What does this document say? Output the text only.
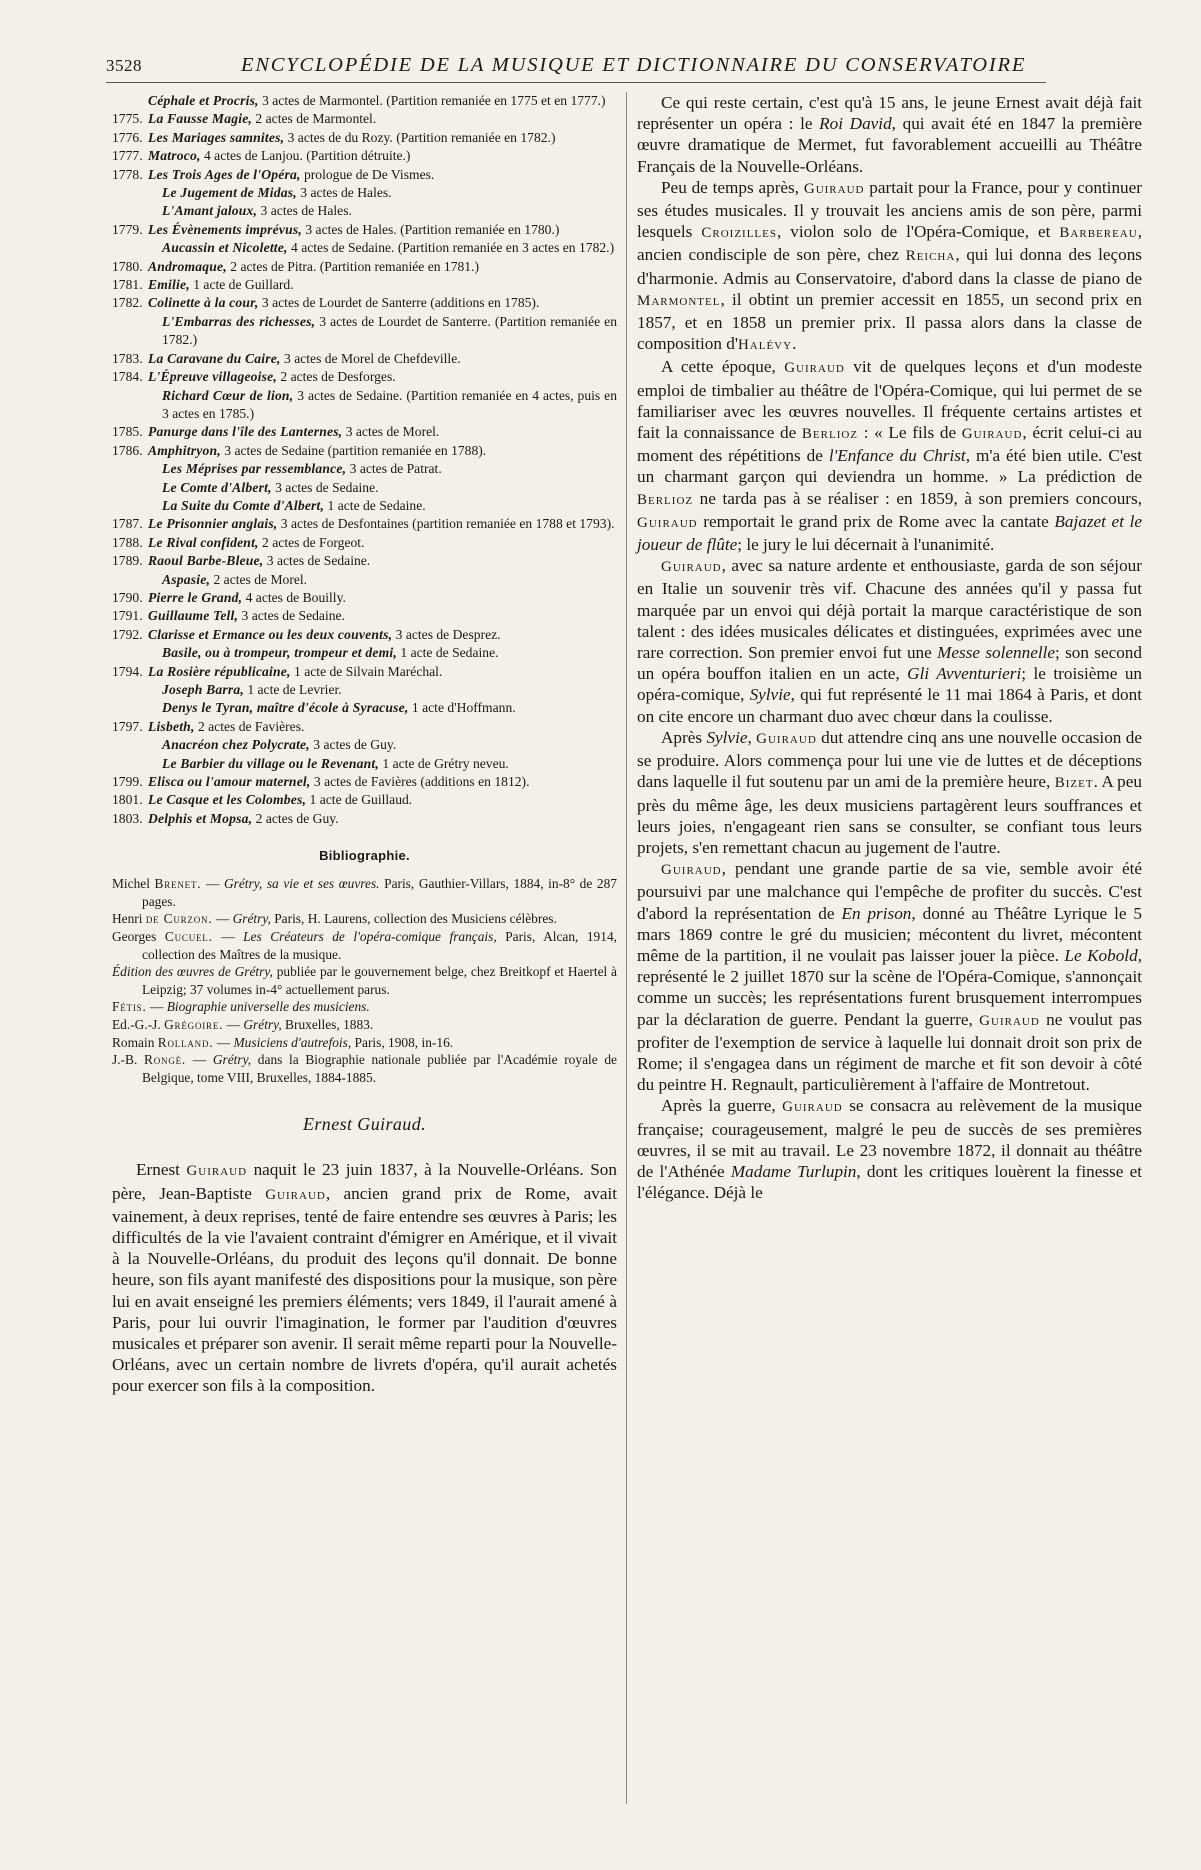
3528	ENCYCLOPÉDIE DE LA MUSIQUE ET DICTIONNAIRE DU CONSERVATOIRE
Céphale et Procris, 3 actes de Marmontel. (Partition remaniée en 1775 et en 1777.)
1775. La Fausse Magie, 2 actes de Marmontel.
1776. Les Mariages samnites, 3 actes de du Rozy. (Partition remaniée en 1782.)
1777. Matroco, 4 actes de Lanjou. (Partition détruite.)
1778. Les Trois Ages de l'Opéra, prologue de De Vismes.
Le Jugement de Midas, 3 actes de Hales.
L'Amant jaloux, 3 actes de Hales.
1779. Les Évènements imprévus, 3 actes de Hales. (Partition remaniée en 1780.)
Aucassin et Nicolette, 4 actes de Sedaine. (Partition remaniée en 3 actes en 1782.)
1780. Andromaque, 2 actes de Pitra. (Partition remaniée en 1781.)
1781. Emilie, 1 acte de Guillard.
1782. Colinette à la cour, 3 actes de Lourdet de Santerre (additions en 1785).
L'Embarras des richesses, 3 actes de Lourdet de Santerre. (Partition remaniée en 1782.)
1783. La Caravane du Caire, 3 actes de Morel de Chefdeville.
1784. L'Épreuve villageoise, 2 actes de Desforges.
Richard Cœur de lion, 3 actes de Sedaine. (Partition remaniée en 4 actes, puis en 3 actes en 1785.)
1785. Panurge dans l'île des Lanternes, 3 actes de Morel.
1786. Amphitryon, 3 actes de Sedaine (partition remaniée en 1788).
Les Méprises par ressemblance, 3 actes de Patrat.
Le Comte d'Albert, 3 actes de Sedaine.
La Suite du Comte d'Albert, 1 acte de Sedaine.
1787. Le Prisonnier anglais, 3 actes de Desfontaines (partition remaniée en 1788 et 1793).
1788. Le Rival confident, 2 actes de Forgeot.
1789. Raoul Barbe-Bleue, 3 actes de Sedaine.
Aspasie, 2 actes de Morel.
1790. Pierre le Grand, 4 actes de Bouilly.
1791. Guillaume Tell, 3 actes de Sedaine.
1792. Clarisse et Ermance ou les deux couvents, 3 actes de Desprez.
Basile, ou à trompeur, trompeur et demi, 1 acte de Sedaine.
1794. La Rosière républicaine, 1 acte de Silvain Maréchal.
Joseph Barra, 1 acte de Levrier.
Denys le Tyran, maître d'école à Syracuse, 1 acte d'Hoffmann.
1797. Lisbeth, 2 actes de Favières.
Anacréon chez Polycrate, 3 actes de Guy.
Le Barbier du village ou le Revenant, 1 acte de Grétry neveu.
1799. Elisca ou l'amour maternel, 3 actes de Favières (additions en 1812).
1801. Le Casque et les Colombes, 1 acte de Guillaud.
1803. Delphis et Mopsa, 2 actes de Guy.
Bibliographie.
Michel Brenet. — Grétry, sa vie et ses œuvres. Paris, Gauthier-Villars, 1884, in-8° de 287 pages.
Henri de Curzon. — Grétry, Paris, H. Laurens, collection des Musiciens célèbres.
Georges Cucuel. — Les Créateurs de l'opéra-comique français, Paris, Alcan, 1914, collection des Maîtres de la musique.
Édition des œuvres de Grétry, publiée par le gouvernement belge, chez Breitkopf et Haertel à Leipzig; 37 volumes in-4° actuellement parus.
Fétis. — Biographie universelle des musiciens.
Ed.-G.-J. Grégoire. — Grétry, Bruxelles, 1883.
Romain Rolland. — Musiciens d'autrefois, Paris, 1908, in-16.
J.-B. Rongé. — Grétry, dans la Biographie nationale publiée par l'Académie royale de Belgique, tome VIII, Bruxelles, 1884-1885.
Ernest Guiraud.

Ernest Guiraud naquit le 23 juin 1837, à la Nouvelle-Orléans. Son père, Jean-Baptiste Guiraud, ancien grand prix de Rome, avait vainement, à deux reprises, tenté de faire entendre ses œuvres à Paris; les difficultés de la vie l'avaient contraint d'émigrer en Amérique, et il vivait à la Nouvelle-Orléans, du produit des leçons qu'il donnait. De bonne heure, son fils ayant manifesté des dispositions pour la musique, son père lui en avait enseigné les premiers éléments; vers 1849, il l'aurait amené à Paris, pour lui ouvrir l'imagination, le former par l'audition d'œuvres musicales et préparer son avenir. Il serait même reparti pour la Nouvelle-Orléans, avec un certain nombre de livrets d'opéra, qu'il aurait achetés pour exercer son fils à la composition.

Ce qui reste certain, c'est qu'à 15 ans, le jeune Ernest avait déjà fait représenter un opéra : le Roi David, qui avait été en 1847 la première œuvre dramatique de Mermet, fut favorablement accueilli au Théâtre Français de la Nouvelle-Orléans.

Peu de temps après, Guiraud partait pour la France, pour y continuer ses études musicales. Il y trouvait les anciens amis de son père, parmi lesquels Croizilles, violon solo de l'Opéra-Comique, et Barbereau, ancien condisciple de son père, chez Reicha, qui lui donna des leçons d'harmonie. Admis au Conservatoire, d'abord dans la classe de piano de Marmontel, il obtint un premier accessit en 1855, un second prix en 1857, et en 1858 un premier prix. Il passa alors dans la classe de composition d'Halévy.

A cette époque, Guiraud vit de quelques leçons et d'un modeste emploi de timbalier au théâtre de l'Opéra-Comique, qui lui permet de se familiariser avec les œuvres nouvelles. Il fréquente certains artistes et fait la connaissance de Berlioz : « Le fils de Guiraud, écrit celui-ci au moment des répétitions de l'Enfance du Christ, m'a été bien utile. C'est un charmant garçon qui deviendra un homme. » La prédiction de Berlioz ne tarda pas à se réaliser : en 1859, à son premiers concours, Guiraud remportait le grand prix de Rome avec la cantate Bajazet et le joueur de flûte; le jury le lui décernait à l'unanimité.

Guiraud, avec sa nature ardente et enthousiaste, garda de son séjour en Italie un souvenir très vif. Chacune des années qu'il y passa fut marquée par un envoi qui déjà portait la marque caractéristique de son talent : des idées musicales délicates et distinguées, exprimées avec une rare correction. Son premier envoi fut une Messe solennelle; son second un opéra bouffon italien en un acte, Gli Avventurieri; le troisième un opéra-comique, Sylvie, qui fut représenté le 11 mai 1864 à Paris, et dont on cite encore un charmant duo avec chœur dans la coulisse.

Après Sylvie, Guiraud dut attendre cinq ans une nouvelle occasion de se produire. Alors commença pour lui une vie de luttes et de déceptions dans laquelle il fut soutenu par un ami de la première heure, Bizet. A peu près du même âge, les deux musiciens partagèrent leurs souffrances et leurs joies, n'engageant rien sans se consulter, se confiant tous leurs projets, s'en remettant chacun au jugement de l'autre.

Guiraud, pendant une grande partie de sa vie, semble avoir été poursuivi par une malchance qui l'empêche de profiter du succès. C'est d'abord la représentation de En prison, donné au Théâtre Lyrique le 5 mars 1869 contre le gré du musicien; mécontent du livret, mécontent même de la partition, il ne voulait pas laisser jouer la pièce. Le Kobold, représenté le 2 juillet 1870 sur la scène de l'Opéra-Comique, s'annonçait comme un succès; les représentations furent brusquement interrompues par la déclaration de guerre. Pendant la guerre, Guiraud ne voulut pas profiter de l'exemption de service à laquelle lui donnait droit son prix de Rome; il s'engagea dans un régiment de marche et fit son devoir à côté du peintre H. Regnault, particulièrement à l'affaire de Montretout.

Après la guerre, Guiraud se consacra au relèvement de la musique française; courageusement, malgré le peu de succès de ses premières œuvres, il se mit au travail. Le 23 novembre 1872, il donnait au théâtre de l'Athénée Madame Turlupin, dont les critiques louèrent la finesse et l'élégance. Déjà le
